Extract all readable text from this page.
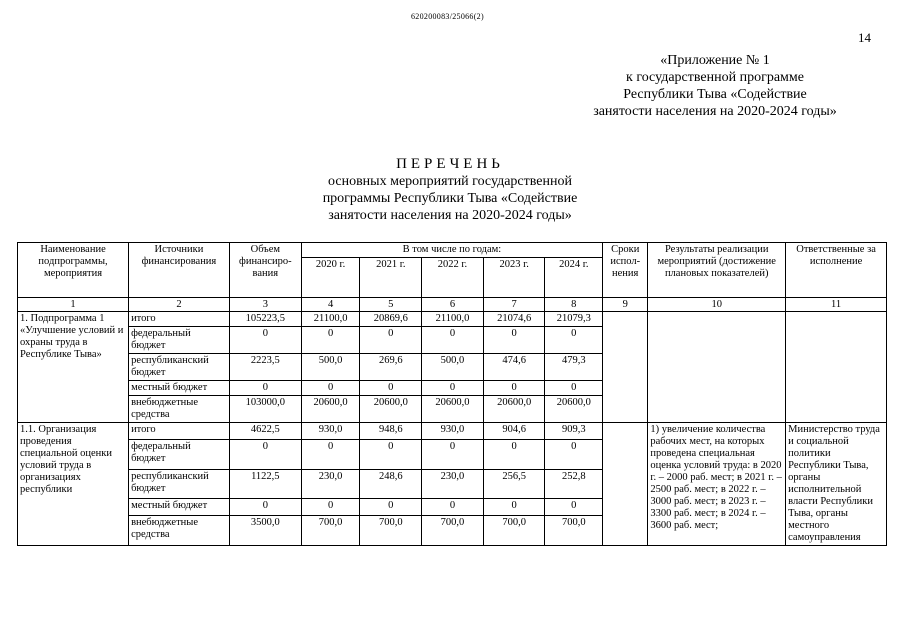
620200083/25066(2)
14
«Приложение № 1
к государственной программе
Республики Тыва «Содействие
занятости населения на 2020-2024 годы»
ПЕРЕЧЕНЬ
основных мероприятий государственной
программы Республики Тыва «Содействие
занятости населения на 2020-2024 годы»
Наименование подпрограммы, мероприятия	Источники финансирования	Объем финансиро-вания	В том числе по годам:					Сроки испол-нения	Результаты реализации мероприятий (достижение плановых показателей)	Ответственные за исполнение
			2020 г.	2021 г.	2022 г.	2023 г.	2024 г.			
1	2	3	4	5	6	7	8	9	10	11
1. Подпрограмма 1 «Улучшение условий и охраны труда в Республике Тыва»	итого	105223,5	21100,0	20869,6	21100,0	21074,6	21079,3			
	федеральный бюджет	0	0	0	0	0	0			
	республиканский бюджет	2223,5	500,0	269,6	500,0	474,6	479,3			
	местный бюджет	0	0	0	0	0	0			
	внебюджетные средства	103000,0	20600,0	20600,0	20600,0	20600,0	20600,0			
1.1. Организация проведения специальной оценки условий труда в организациях республики	итого	4622,5	930,0	948,6	930,0	904,6	909,3		1) увеличение количества рабочих мест, на которых проведена специальная оценка условий труда: в 2020 г. – 2000 раб. мест; в 2021 г. – 2500 раб. мест; в 2022 г. – 3000 раб. мест; в 2023 г. – 3300 раб. мест; в 2024 г. – 3600 раб. мест;	Министерство труда и социальной политики Республики Тыва, органы исполнительной власти Республики Тыва, органы местного самоуправления
	федеральный бюджет	0	0	0	0	0	0			
	республиканский бюджет	1122,5	230,0	248,6	230,0	256,5	252,8			
	местный бюджет	0	0	0	0	0	0			
	внебюджетные средства	3500,0	700,0	700,0	700,0	700,0	700,0			
